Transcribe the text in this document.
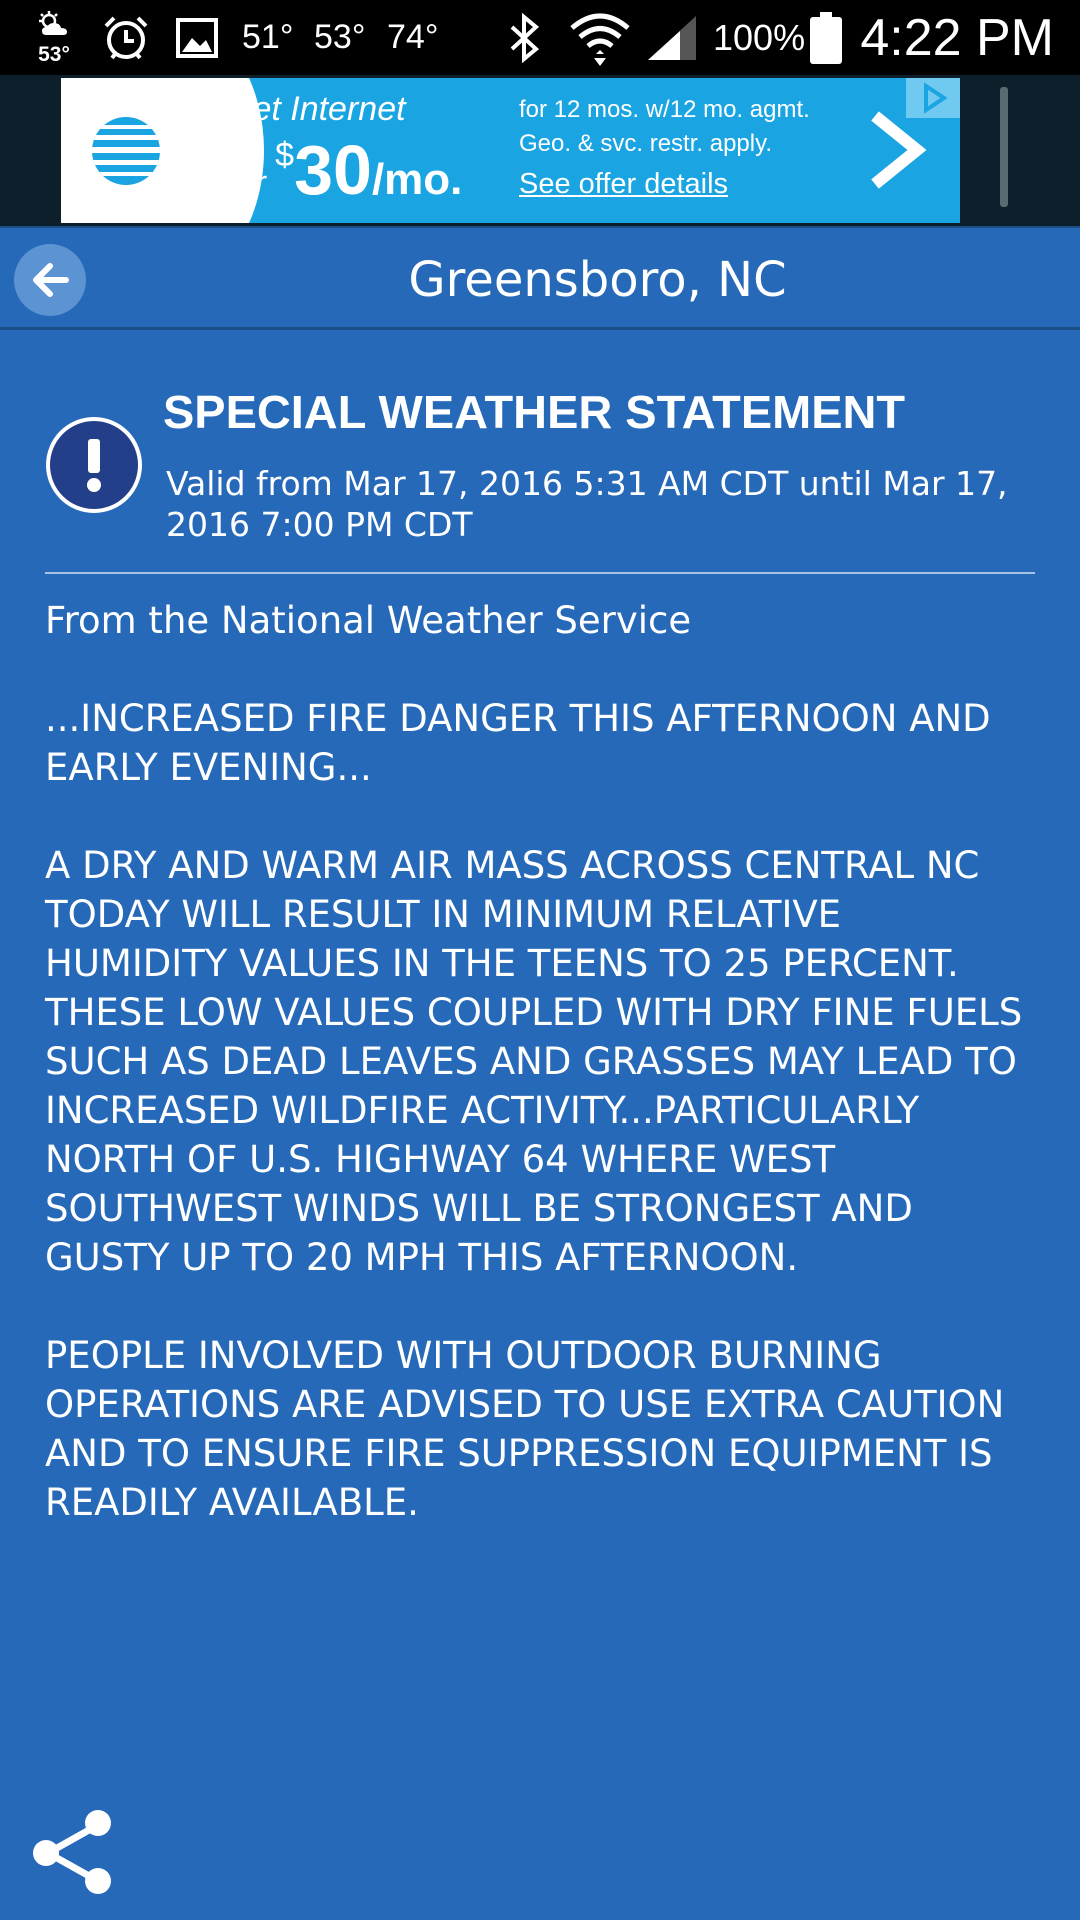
53°	51° 53° 74°	100% 4:22 PM
Get Internet
for $30/mo.
for 12 mos. w/12 mo. agmt.
Geo. & svc. restr. apply.
See offer details
Greensboro, NC
SPECIAL WEATHER STATEMENT
Valid from Mar 17, 2016 5:31 AM CDT until Mar 17, 2016 7:00 PM CDT
From the National Weather Service

...INCREASED FIRE DANGER THIS AFTERNOON AND
EARLY EVENING...

A DRY AND WARM AIR MASS ACROSS CENTRAL NC
TODAY WILL RESULT IN MINIMUM RELATIVE
HUMIDITY VALUES IN THE TEENS TO 25 PERCENT.
THESE LOW VALUES COUPLED WITH DRY FINE FUELS
SUCH AS DEAD LEAVES AND GRASSES MAY LEAD TO
INCREASED WILDFIRE ACTIVITY...PARTICULARLY
NORTH OF U.S. HIGHWAY 64 WHERE WEST
SOUTHWEST WINDS WILL BE STRONGEST AND
GUSTY UP TO 20 MPH THIS AFTERNOON.

PEOPLE INVOLVED WITH OUTDOOR BURNING
OPERATIONS ARE ADVISED TO USE EXTRA CAUTION
AND TO ENSURE FIRE SUPPRESSION EQUIPMENT IS
READILY AVAILABLE.
